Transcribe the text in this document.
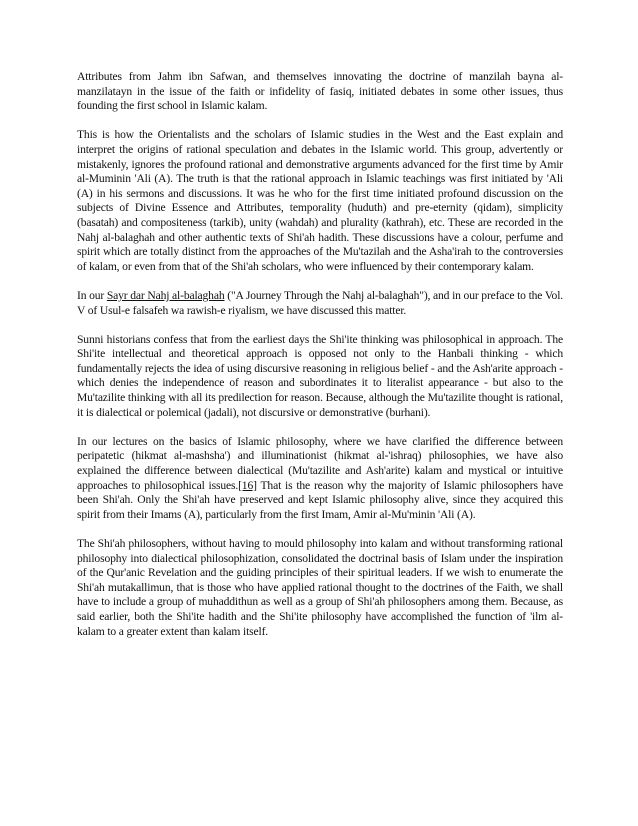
Attributes from Jahm ibn Safwan, and themselves innovating the doctrine of manzilah bayna al-manzilatayn in the issue of the faith or infidelity of fasiq, initiated debates in some other issues, thus founding the first school in Islamic kalam.

This is how the Orientalists and the scholars of Islamic studies in the West and the East explain and interpret the origins of rational speculation and debates in the Islamic world. This group, advertently or mistakenly, ignores the profound rational and demonstrative arguments advanced for the first time by Amir al-Muminin 'Ali (A). The truth is that the rational approach in Islamic teachings was first initiated by 'Ali (A) in his sermons and discussions. It was he who for the first time initiated profound discussion on the subjects of Divine Essence and Attributes, temporality (huduth) and pre-eternity (qidam), simplicity (basatah) and compositeness (tarkib), unity (wahdah) and plurality (kathrah), etc. These are recorded in the Nahj al-balaghah and other authentic texts of Shi'ah hadith. These discussions have a colour, perfume and spirit which are totally distinct from the approaches of the Mu'tazilah and the Asha'irah to the controversies of kalam, or even from that of the Shi'ah scholars, who were influenced by their contemporary kalam.

In our Sayr dar Nahj al-balaghah ("A Journey Through the Nahj al-balaghah"), and in our preface to the Vol. V of Usul-e falsafeh wa rawish-e riyalism, we have discussed this matter.

Sunni historians confess that from the earliest days the Shi'ite thinking was philosophical in approach. The Shi'ite intellectual and theoretical approach is opposed not only to the Hanbali thinking - which fundamentally rejects the idea of using discursive reasoning in religious belief - and the Ash'arite approach - which denies the independence of reason and subordinates it to literalist appearance - but also to the Mu'tazilite thinking with all its predilection for reason. Because, although the Mu'tazilite thought is rational, it is dialectical or polemical (jadali), not discursive or demonstrative (burhani).

In our lectures on the basics of Islamic philosophy, where we have clarified the difference between peripatetic (hikmat al-mashsha') and illuminationist (hikmat al-'ishraq) philosophies, we have also explained the difference between dialectical (Mu'tazilite and Ash'arite) kalam and mystical or intuitive approaches to philosophical issues.[16] That is the reason why the majority of Islamic philosophers have been Shi'ah. Only the Shi'ah have preserved and kept Islamic philosophy alive, since they acquired this spirit from their Imams (A), particularly from the first Imam, Amir al-Mu'minin 'Ali (A).

The Shi'ah philosophers, without having to mould philosophy into kalam and without transforming rational philosophy into dialectical philosophization, consolidated the doctrinal basis of Islam under the inspiration of the Qur'anic Revelation and the guiding principles of their spiritual leaders. If we wish to enumerate the Shi'ah mutakallimun, that is those who have applied rational thought to the doctrines of the Faith, we shall have to include a group of muhaddithun as well as a group of Shi'ah philosophers among them. Because, as said earlier, both the Shi'ite hadith and the Shi'ite philosophy have accomplished the function of 'ilm al-kalam to a greater extent than kalam itself.
